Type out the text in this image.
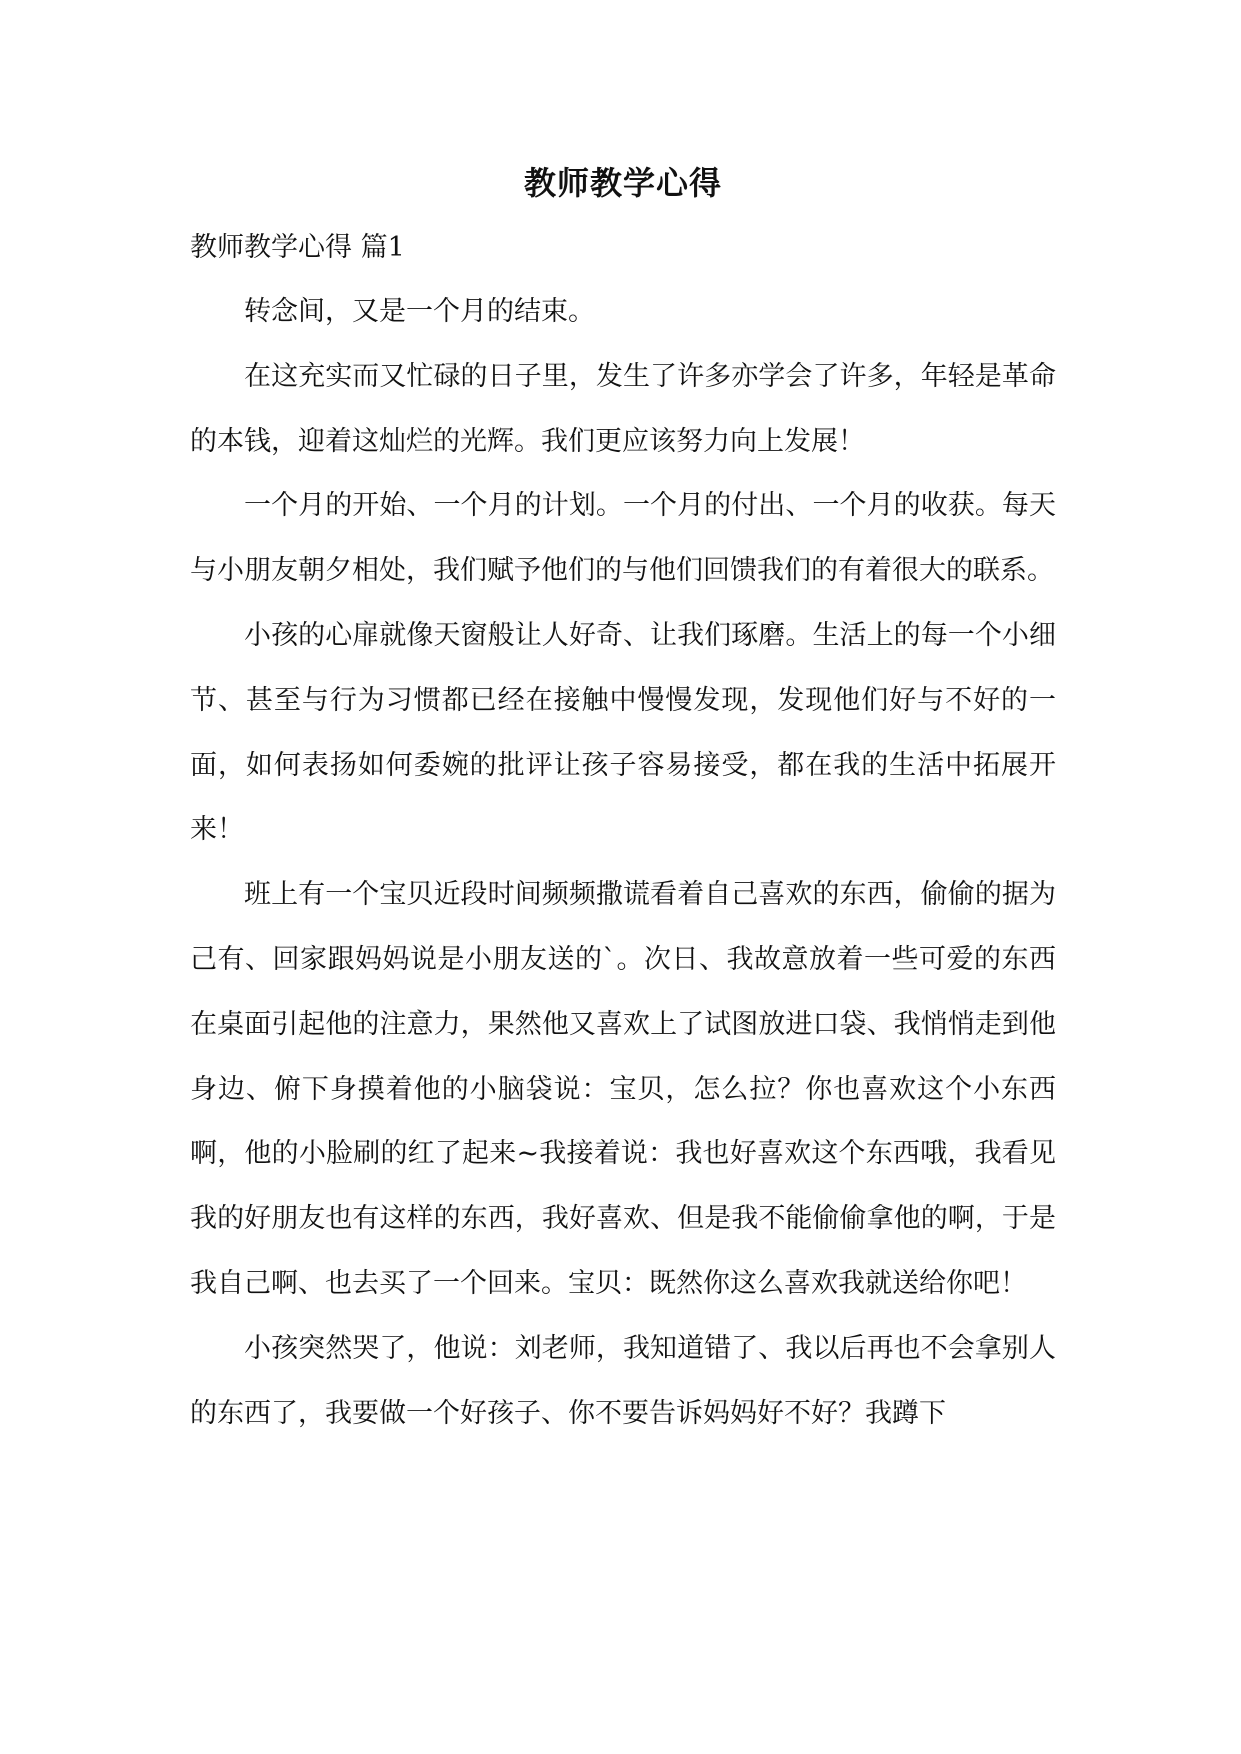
教师教学心得

教师教学心得 篇1

转念间，又是一个月的结束。

在这充实而又忙碌的日子里，发生了许多亦学会了许多，年轻是革命的本钱，迎着这灿烂的光辉。我们更应该努力向上发展！

一个月的开始、一个月的计划。一个月的付出、一个月的收获。每天与小朋友朝夕相处，我们赋予他们的与他们回馈我们的有着很大的联系。

小孩的心扉就像天窗般让人好奇、让我们琢磨。生活上的每一个小细节、甚至与行为习惯都已经在接触中慢慢发现，发现他们好与不好的一面，如何表扬如何委婉的批评让孩子容易接受，都在我的生活中拓展开来！

班上有一个宝贝近段时间频频撒谎看着自己喜欢的东西，偷偷的据为己有、回家跟妈妈说是小朋友送的`。次日、我故意放着一些可爱的东西在桌面引起他的注意力，果然他又喜欢上了试图放进口袋、我悄悄走到他身边、俯下身摸着他的小脑袋说：宝贝，怎么拉？你也喜欢这个小东西啊，他的小脸刷的红了起来~我接着说：我也好喜欢这个东西哦，我看见我的好朋友也有这样的东西，我好喜欢、但是我不能偷偷拿他的啊，于是我自己啊、也去买了一个回来。宝贝：既然你这么喜欢我就送给你吧！

小孩突然哭了，他说：刘老师，我知道错了、我以后再也不会拿别人的东西了，我要做一个好孩子、你不要告诉妈妈好不好？我蹲下
